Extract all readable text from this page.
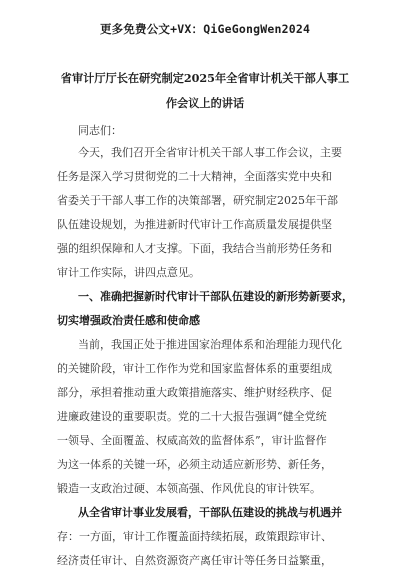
更多免费公文+VX：QiGeGongWen2024
省审计厅厅长在研究制定2025年全省审计机关干部人事工
作会议上的讲话
同志们：
今天，我们召开全省审计机关干部人事工作会议，主要
任务是深入学习贯彻党的二十大精神，全面落实党中央和
省委关于干部人事工作的决策部署，研究制定2025年干部
队伍建设规划，为推进新时代审计工作高质量发展提供坚
强的组织保障和人才支撑。下面，我结合当前形势任务和
审计工作实际，讲四点意见。
一、准确把握新时代审计干部队伍建设的新形势新要求，
切实增强政治责任感和使命感
当前，我国正处于推进国家治理体系和治理能力现代化
的关键阶段，审计工作作为党和国家监督体系的重要组成
部分，承担着推动重大政策措施落实、维护财经秩序、促
进廉政建设的重要职责。党的二十大报告强调“健全党统
一领导、全面覆盖、权威高效的监督体系”，审计监督作
为这一体系的关键一环，必须主动适应新形势、新任务，
锻造一支政治过硬、本领高强、作风优良的审计铁军。
从全省审计事业发展看，干部队伍建设的挑战与机遇并
存：一方面，审计工作覆盖面持续拓展，政策跟踪审计、
经济责任审计、自然资源资产离任审计等任务日益繁重，
